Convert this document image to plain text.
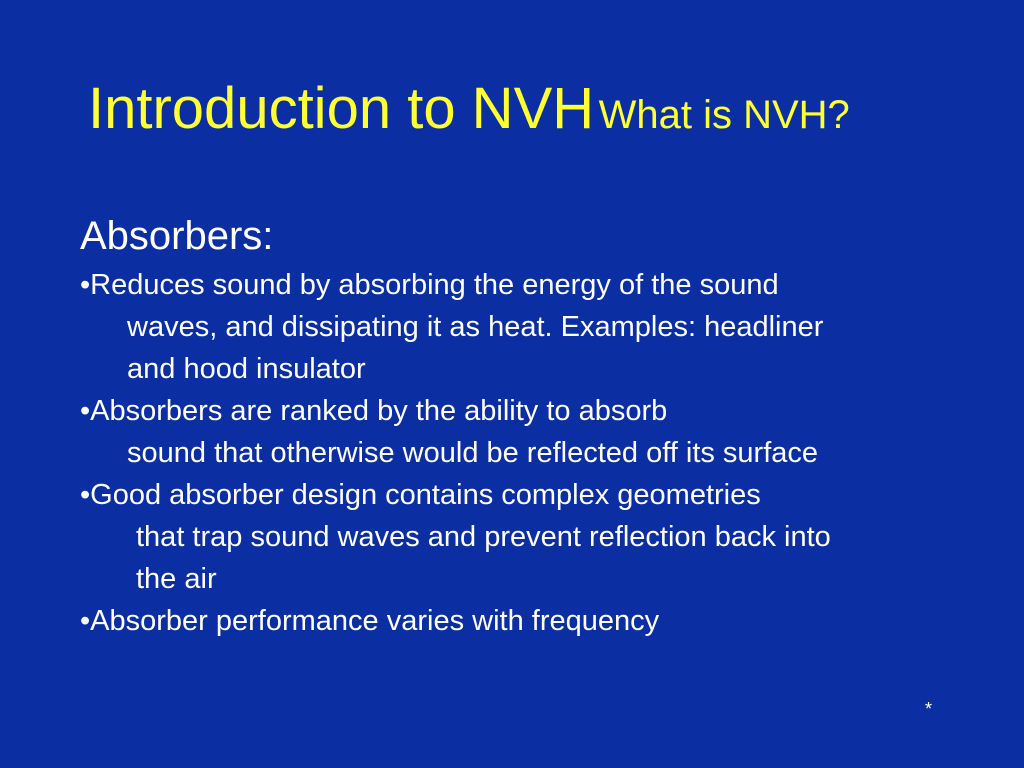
Introduction to NVH What is NVH?
Absorbers:
•Reduces sound by absorbing the energy of the sound
waves, and dissipating it as heat. Examples: headliner
and hood insulator
•Absorbers are ranked by the ability to absorb
sound that otherwise would be reflected off its surface
•Good absorber design contains complex geometries
that trap sound waves and prevent reflection back into
the air
•Absorber performance varies with frequency
*
